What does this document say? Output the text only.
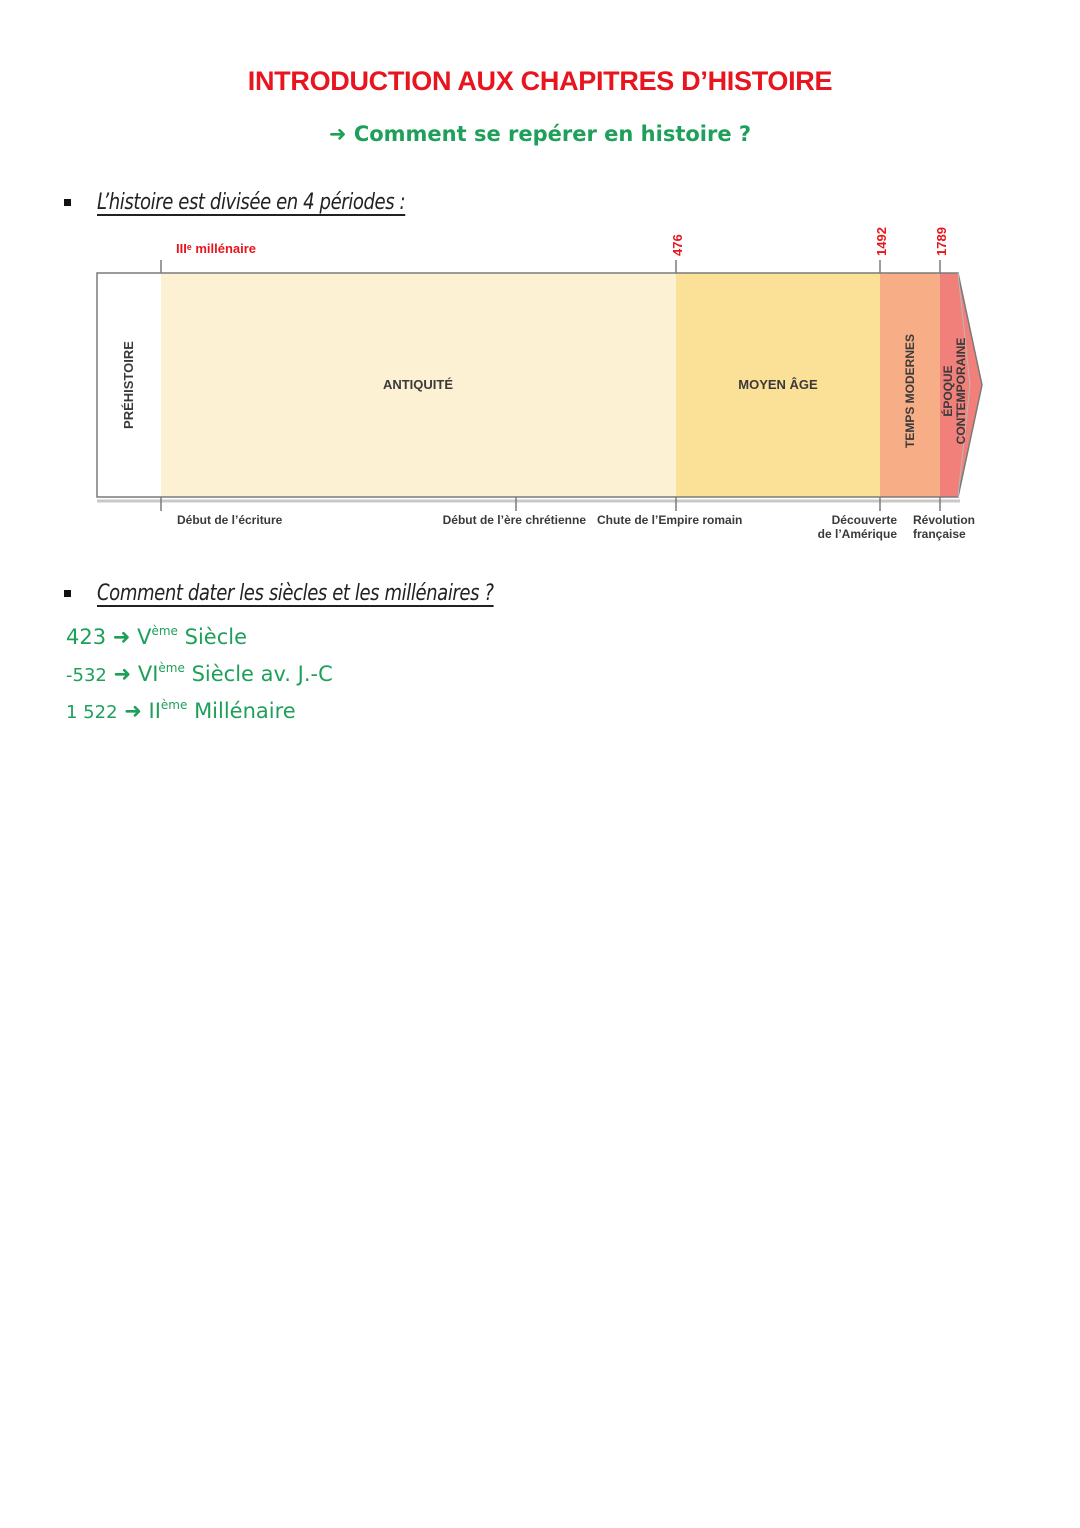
INTRODUCTION AUX CHAPITRES D’HISTOIRE
➜ Comment se repérer en histoire ?
L’histoire est divisée en 4 périodes :
IIIᵉ millénaire	476	1492	1789
PRÉHISTOIRE	ANTIQUITÉ	MOYEN ÂGE	TEMPS MODERNES ÉPOQUE CONTEMPORAINE
Début de l’écriture	Début de l’ère chrétienne Chute de l’Empire romain	Découverte
de l’Amérique
Révolution
française
Comment dater les siècles et les millénaires ?
423 ➜ Vème Siècle
-532 ➜ VIème Siècle av. J.-C
1 522 ➜ IIème Millénaire
